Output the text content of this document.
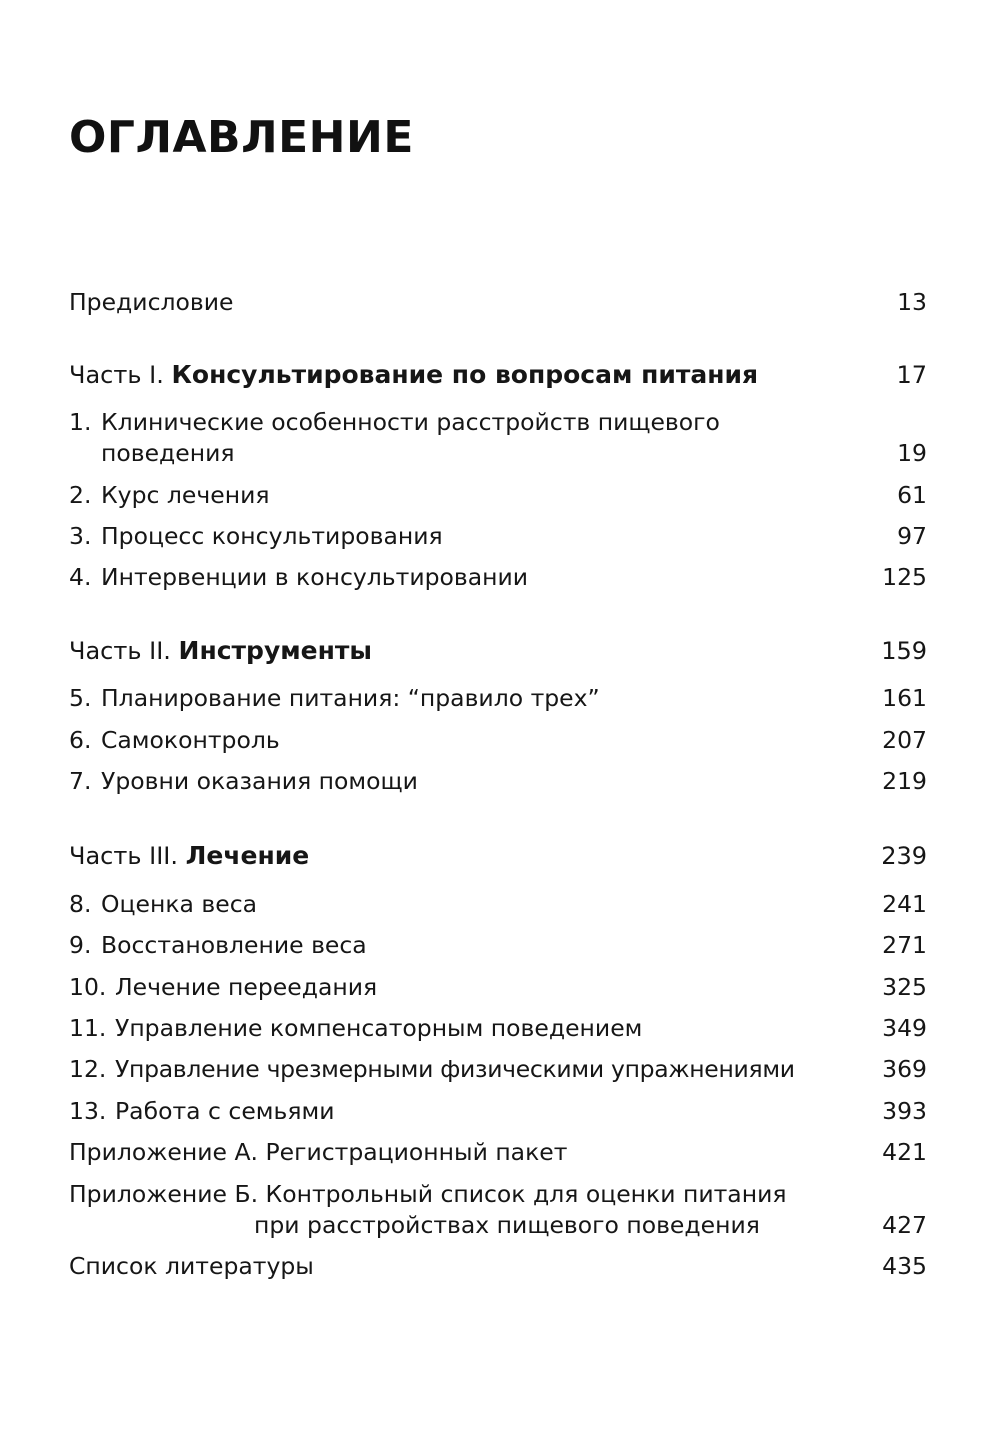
ОГЛАВЛЕНИЕ
Предисловие	13
Часть I. Консультирование по вопросам питания	17
1. Клинические особенности расстройств пищевого
поведения	19
2. Курс лечения	61
3. Процесс консультирования	97
4. Интервенции в консультировании	125
Часть II. Инструменты	159
5. Планирование питания: “правило трех”	161
6. Самоконтроль	207
7. Уровни оказания помощи	219
Часть III. Лечение	239
8. Оценка веса	241
9. Восстановление веса	271
10. Лечение переедания	325
11. Управление компенсаторным поведением	349
12. Управление чрезмерными физическими упражнениями	369
13. Работа с семьями	393
Приложение А. Регистрационный пакет	421
Приложение Б. Контрольный список для оценки питания
при расстройствах пищевого поведения	427
Список литературы	435
